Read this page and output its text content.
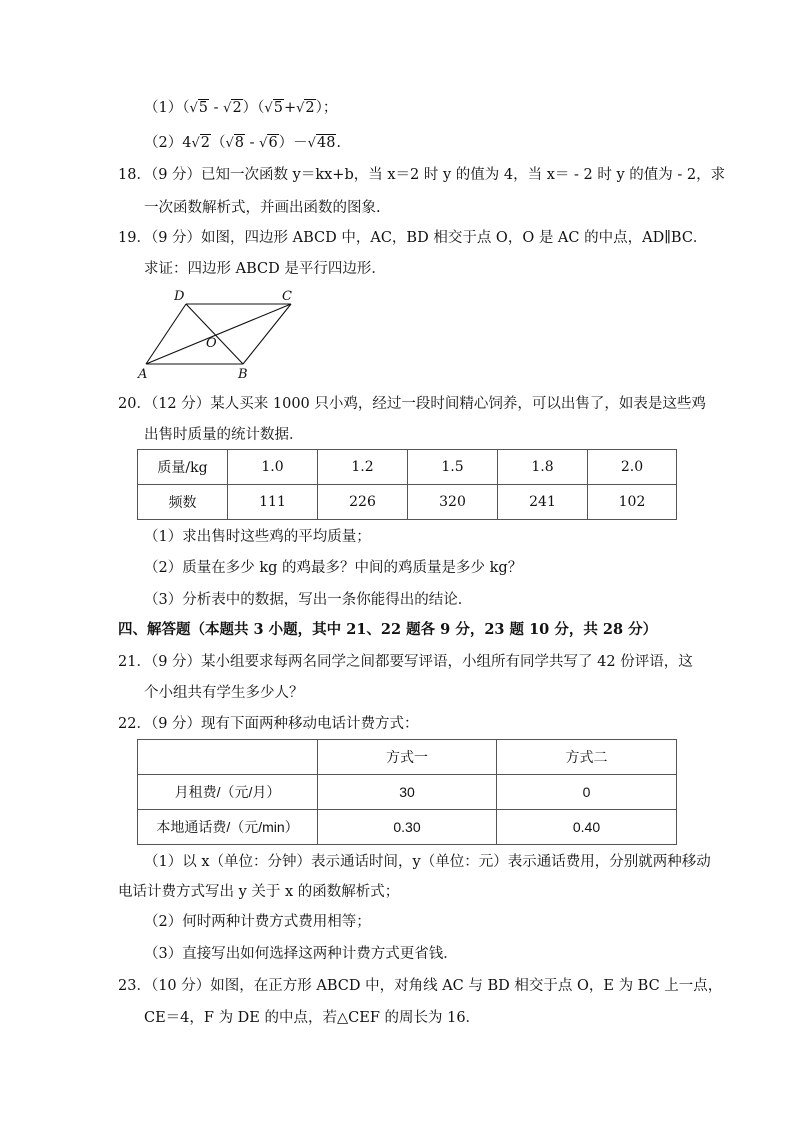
（1）（√5 - √2）（√5+√2）；
（2）4√2（√8 - √6）－√48.
18．（9 分）已知一次函数 y＝kx+b，当 x＝2 时 y 的值为 4，当 x＝ - 2 时 y 的值为 - 2，求
一次函数解析式，并画出函数的图象.
19．（9 分）如图，四边形 ABCD 中，AC，BD 相交于点 O，O 是 AC 的中点，AD∥BC．
求证：四边形 ABCD 是平行四边形．
D	C
O
A	B
20．（12 分）某人买来 1000 只小鸡，经过一段时间精心饲养，可以出售了，如表是这些鸡
出售时质量的统计数据．
质量/kg	1.0	1.2	1.5	1.8	2.0
频数	111	226	320	241	102
（1）求出售时这些鸡的平均质量；
（2）质量在多少 kg 的鸡最多？中间的鸡质量是多少 kg？
（3）分析表中的数据，写出一条你能得出的结论．
四、解答题（本题共 3 小题，其中 21、22 题各 9 分，23 题 10 分，共 28 分）
21．（9 分）某小组要求每两名同学之间都要写评语，小组所有同学共写了 42 份评语，这
个小组共有学生多少人？
22．（9 分）现有下面两种移动电话计费方式：
	方式一	方式二
月租费/（元/月）	30	0
本地通话费/（元/min）	0.30	0.40
（1）以 x（单位：分钟）表示通话时间，y（单位：元）表示通话费用，分别就两种移动
电话计费方式写出 y 关于 x 的函数解析式；
（2）何时两种计费方式费用相等；
（3）直接写出如何选择这两种计费方式更省钱．
23．（10 分）如图，在正方形 ABCD 中，对角线 AC 与 BD 相交于点 O，E 为 BC 上一点，
CE＝4，F 为 DE 的中点，若△CEF 的周长为 16．
